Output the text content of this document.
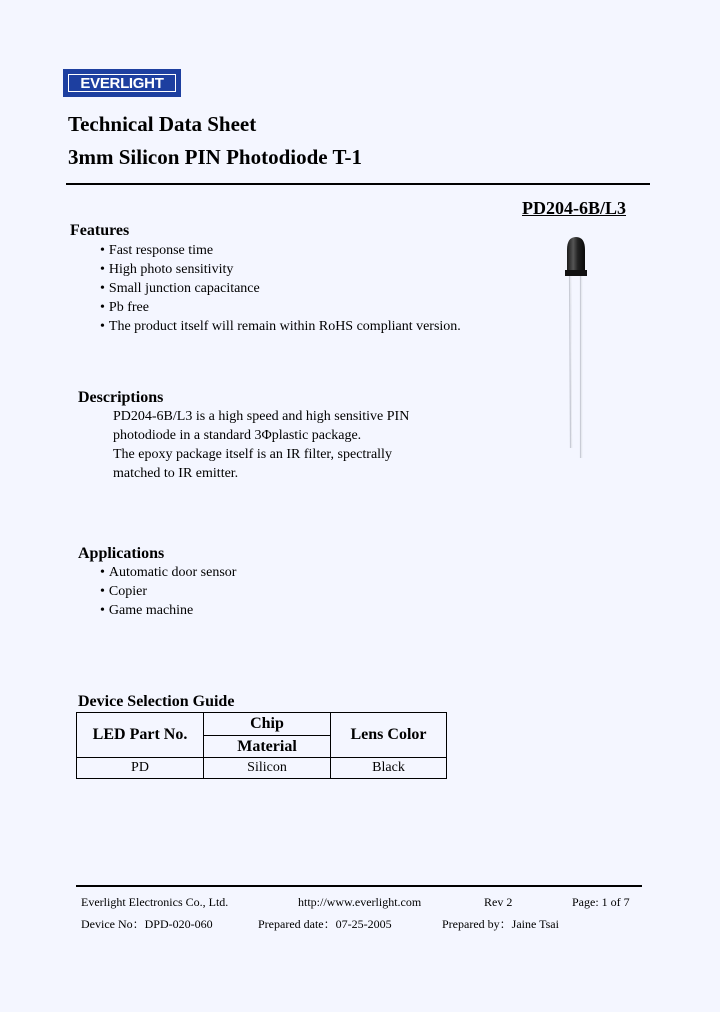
EVERLIGHT
Technical Data Sheet
3mm Silicon PIN Photodiode T-1
PD204-6B/L3
Features
• Fast response time
• High photo sensitivity
• Small junction capacitance
• Pb free
• The product itself will remain within RoHS compliant version.
Descriptions
PD204-6B/L3 is a high speed and high sensitive PIN
photodiode in a standard 3Φplastic package.
The epoxy package itself is an IR filter, spectrally
matched to IR emitter.
Applications
• Automatic door sensor
• Copier
• Game machine
Device Selection Guide
LED Part No.	Chip	Lens Color
	Material	
PD	Silicon	Black
Everlight Electronics Co., Ltd.	http://www.everlight.com	Rev 2	Page: 1 of 7
Device No：DPD-020-060	Prepared date：07-25-2005	Prepared by：Jaine Tsai
